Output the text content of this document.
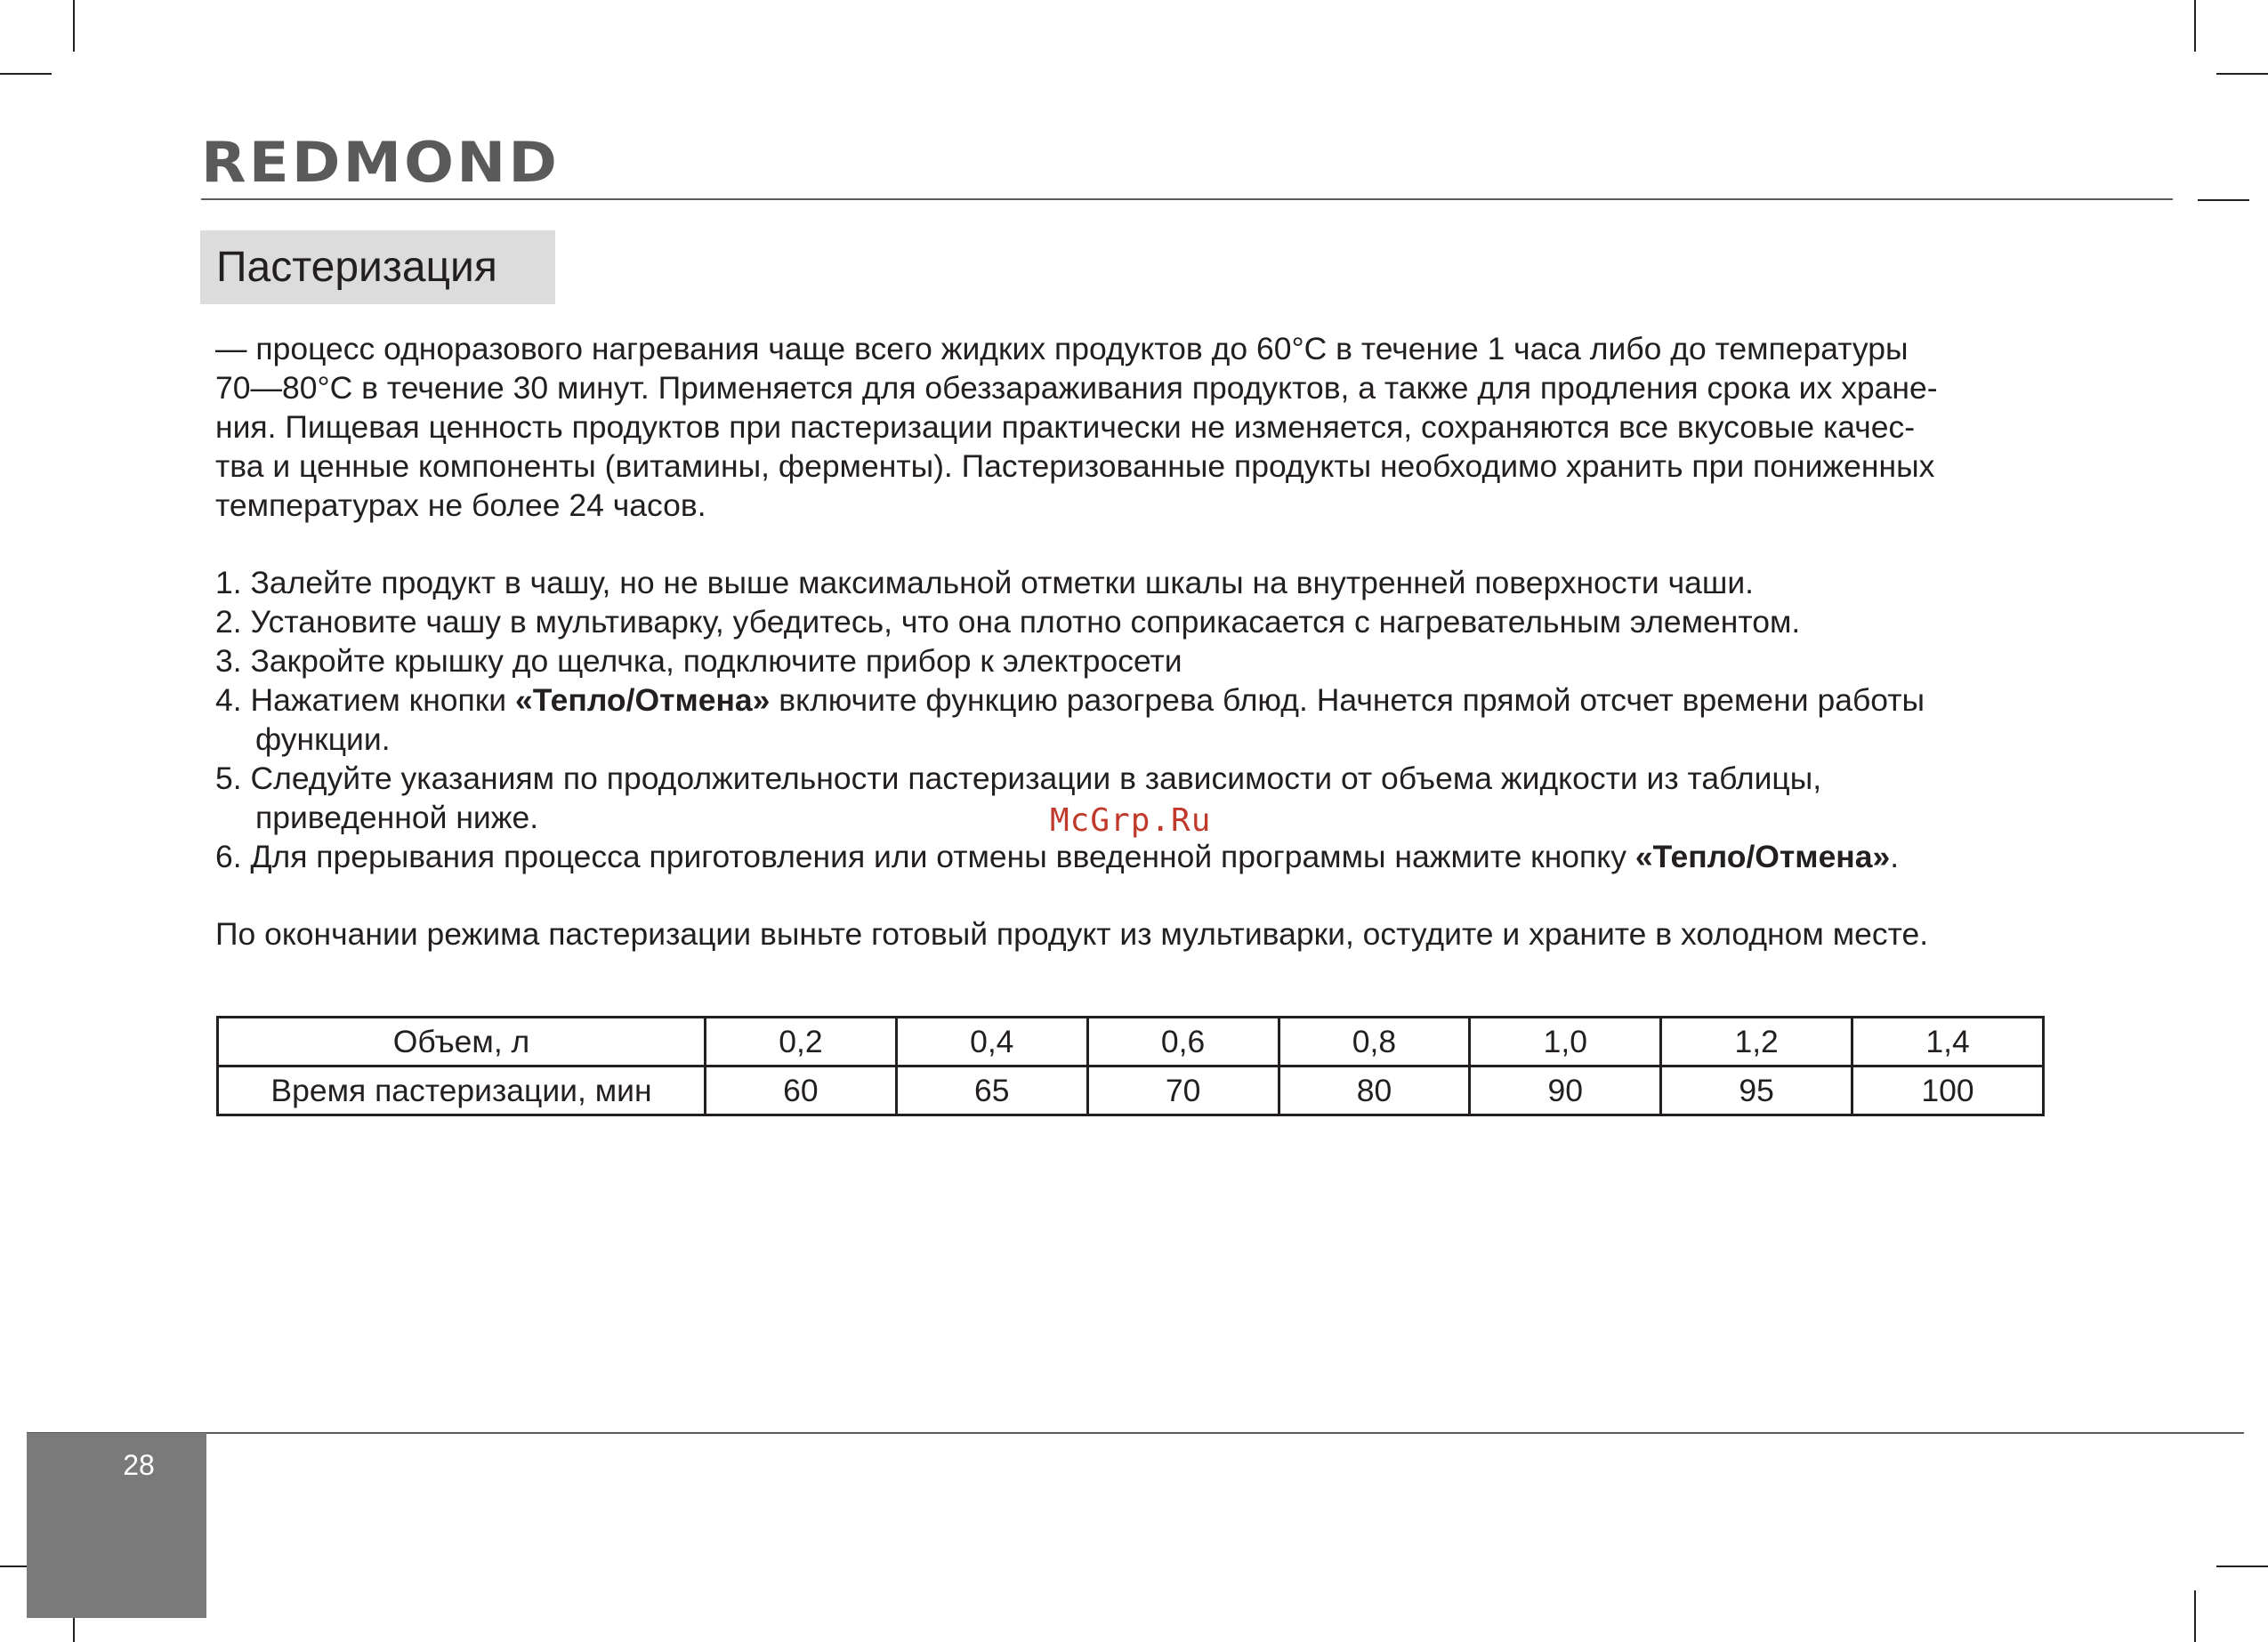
REDMOND
Пастеризация
— процесс одноразового нагревания чаще всего жидких продуктов до 60°С в течение 1 часа либо до температуры
70—80°С в течение 30 минут. Применяется для обеззараживания продуктов, а также для продления срока их хране-
ния. Пищевая ценность продуктов при пастеризации практически не изменяется, сохраняются все вкусовые качес-
тва и ценные компоненты (витамины, ферменты). Пастеризованные продукты необходимо хранить при пониженных
температурах не более 24 часов.
1. Залейте продукт в чашу, но не выше максимальной отметки шкалы на внутренней поверхности чаши.
2. Установите чашу в мультиварку, убедитесь, что она плотно соприкасается с нагревательным элементом.
3. Закройте крышку до щелчка, подключите прибор к электросети
4. Нажатием кнопки «Тепло/Отмена» включите функцию разогрева блюд. Начнется прямой отсчет времени работы
функции.
5. Следуйте указаниям по продолжительности пастеризации в зависимости от объема жидкости из таблицы,
приведенной ниже.
6. Для прерывания процесса приготовления или отмены введенной программы нажмите кнопку «Тепло/Отмена».
McGrp.Ru
По окончании режима пастеризации выньте готовый продукт из мультиварки, остудите и храните в холодном месте.
Объем, л	0,2	0,4	0,6	0,8	1,0	1,2	1,4
Время пастеризации, мин	60	65	70	80	90	95	100
28
